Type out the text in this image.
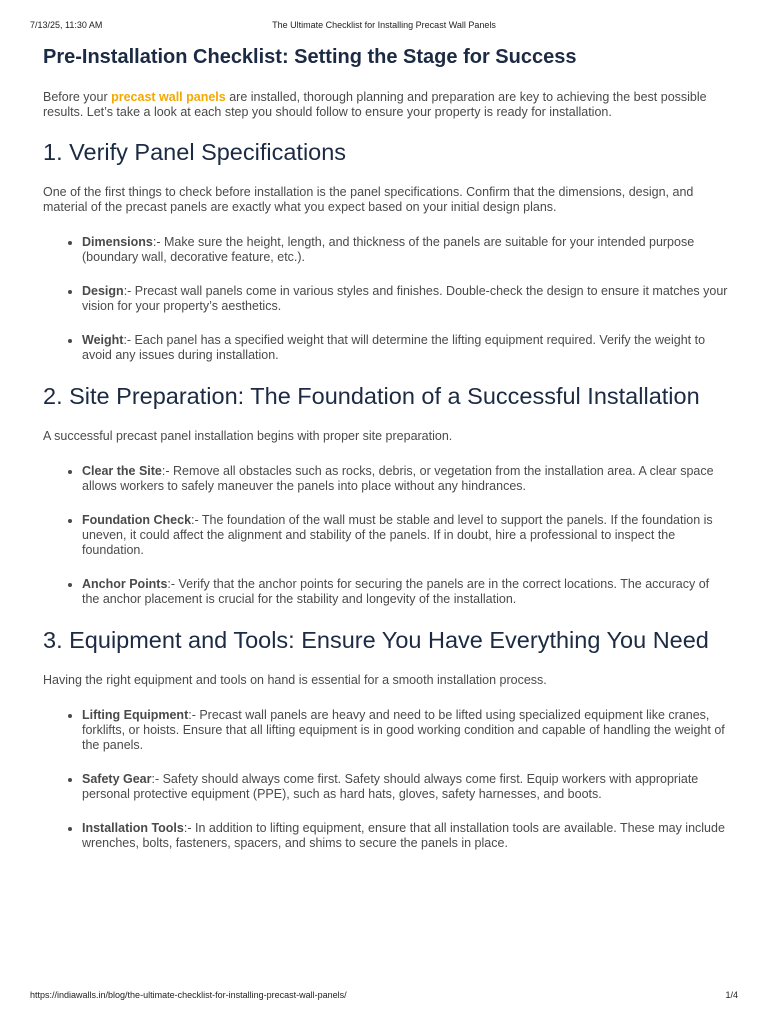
7/13/25, 11:30 AM	The Ultimate Checklist for Installing Precast Wall Panels
Pre-Installation Checklist: Setting the Stage for Success

Before your precast wall panels are installed, thorough planning and preparation are key to achieving the best possible results. Let’s take a look at each step you should follow to ensure your property is ready for installation.

1. Verify Panel Specifications

One of the first things to check before installation is the panel specifications. Confirm that the dimensions, design, and material of the precast panels are exactly what you expect based on your initial design plans.

Dimensions:- Make sure the height, length, and thickness of the panels are suitable for your intended purpose (boundary wall, decorative feature, etc.).
Design:- Precast wall panels come in various styles and finishes. Double-check the design to ensure it matches your vision for your property’s aesthetics.
Weight:- Each panel has a specified weight that will determine the lifting equipment required. Verify the weight to avoid any issues during installation.
2. Site Preparation: The Foundation of a Successful Installation

A successful precast panel installation begins with proper site preparation.

Clear the Site:- Remove all obstacles such as rocks, debris, or vegetation from the installation area. A clear space allows workers to safely maneuver the panels into place without any hindrances.
Foundation Check:- The foundation of the wall must be stable and level to support the panels. If the foundation is uneven, it could affect the alignment and stability of the panels. If in doubt, hire a professional to inspect the foundation.
Anchor Points:- Verify that the anchor points for securing the panels are in the correct locations. The accuracy of the anchor placement is crucial for the stability and longevity of the installation.
3. Equipment and Tools: Ensure You Have Everything You Need

Having the right equipment and tools on hand is essential for a smooth installation process.

Lifting Equipment:- Precast wall panels are heavy and need to be lifted using specialized equipment like cranes, forklifts, or hoists. Ensure that all lifting equipment is in good working condition and capable of handling the weight of the panels.
Safety Gear:- Safety should always come first. Safety should always come first. Equip workers with appropriate personal protective equipment (PPE), such as hard hats, gloves, safety harnesses, and boots.
Installation Tools:- In addition to lifting equipment, ensure that all installation tools are available. These may include wrenches, bolts, fasteners, spacers, and shims to secure the panels in place.
https://indiawalls.in/blog/the-ultimate-checklist-for-installing-precast-wall-panels/	1/4
